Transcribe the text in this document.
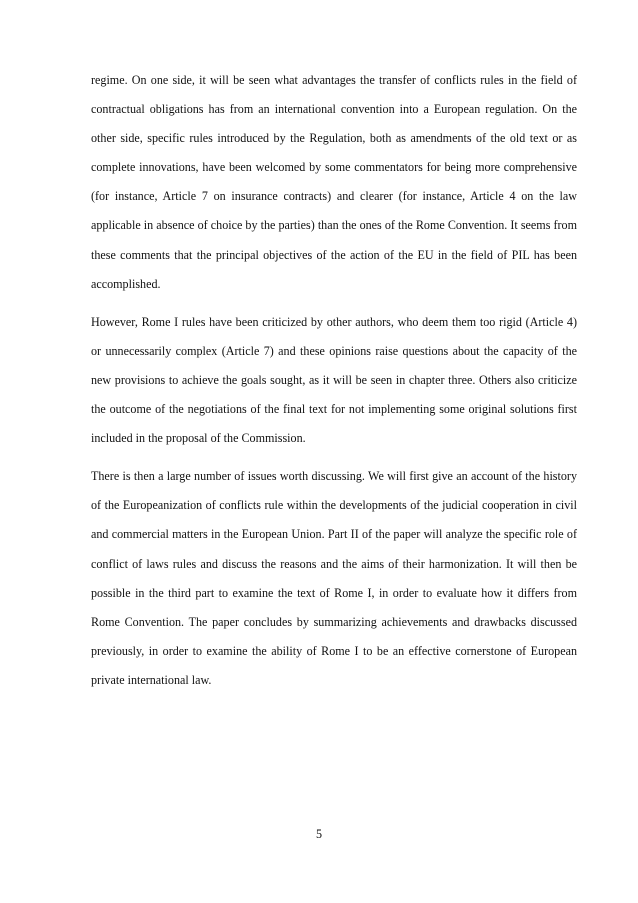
regime. On one side, it will be seen what advantages the transfer of conflicts rules in the field of contractual obligations has from an international convention into a European regulation. On the other side, specific rules introduced by the Regulation, both as amendments of the old text or as complete innovations, have been welcomed by some commentators for being more comprehensive (for instance, Article 7 on insurance contracts) and clearer (for instance, Article 4 on the law applicable in absence of choice by the parties) than the ones of the Rome Convention. It seems from these comments that the principal objectives of the action of the EU in the field of PIL has been accomplished.

However, Rome I rules have been criticized by other authors, who deem them too rigid (Article 4) or unnecessarily complex (Article 7) and these opinions raise questions about the capacity of the new provisions to achieve the goals sought, as it will be seen in chapter three. Others also criticize the outcome of the negotiations of the final text for not implementing some original solutions first included in the proposal of the Commission.

There is then a large number of issues worth discussing. We will first give an account of the history of the Europeanization of conflicts rule within the developments of the judicial cooperation in civil and commercial matters in the European Union. Part II of the paper will analyze the specific role of conflict of laws rules and discuss the reasons and the aims of their harmonization. It will then be possible in the third part to examine the text of Rome I, in order to evaluate how it differs from Rome Convention. The paper concludes by summarizing achievements and drawbacks discussed previously, in order to examine the ability of Rome I to be an effective cornerstone of European private international law.

5
